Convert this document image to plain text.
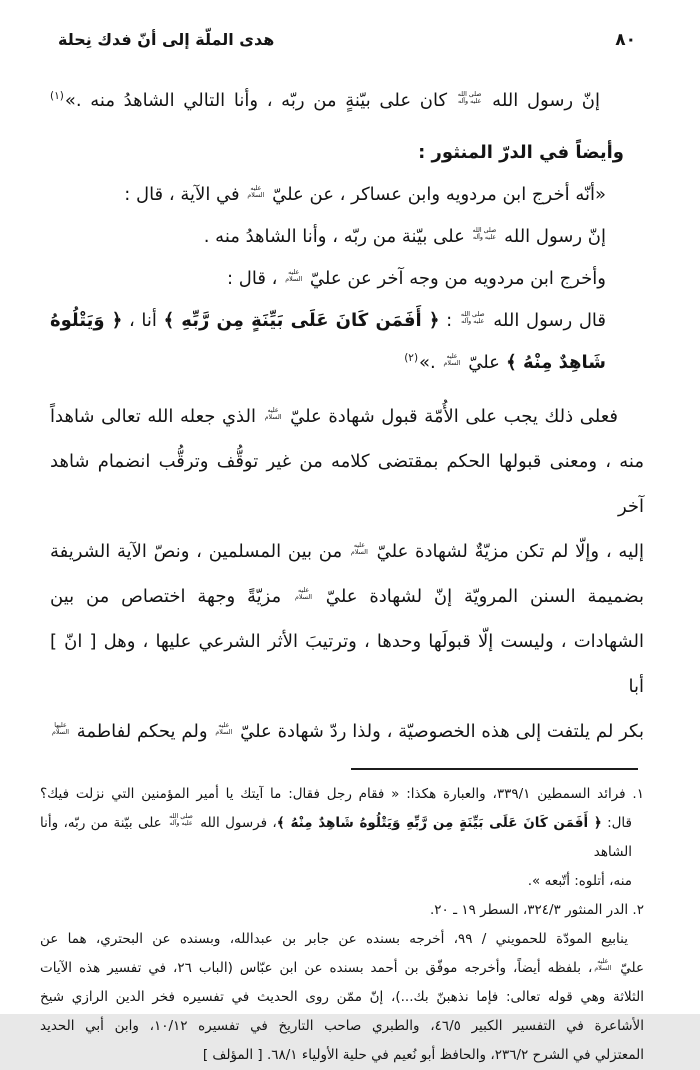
٨٠
هدى الملّة إلى أنّ فدك نِحلة
إنّ رسول الله
صلى الله
عليه وآله
كان على بيّنةٍ من ربّه ، وأنا التالي الشاهدُ منه .»$^{(١)}$
وأيضاً في الدرّ المنثور :
«أنّه أخرج ابن مردويه وابن عساكر ، عن عليّ
عليه
السلام
في الآية ، قال :
إنّ رسول الله
صلى الله
عليه وآله
على بيّنة من ربّه ، وأنا الشاهدُ منه .
وأخرج ابن مردويه من وجه آخر عن عليّ
عليه
السلام
، قال :
قال رسول الله
صلى الله
عليه وآله
: ﴿ أَفَمَن كَانَ عَلَى بَيِّنَةٍ مِن رَّبِّهِ ﴾ أنا ، ﴿ وَيَتْلُوهُ
شَاهِدٌ مِنْهُ ﴾ عليّ
عليه
السلام
.»$^{(٢)}$
فعلى ذلك يجب على الأُمّة قبول شهادة عليّ
عليه
السلام
الذي جعله الله تعالى شاهداً
منه ، ومعنى قبولها الحكم بمقتضى كلامه من غير توقُّف وترقُّب انضمام شاهد آخر
إليه ، وإلّا لم تكن مزيّةٌ لشهادة عليّ
عليه
السلام
من بين المسلمين ، ونصّ الآية الشريفة
بضميمة السنن المرويّة إنّ لشهادة عليّ
عليه
السلام
مزيّةً وجهة اختصاص من بين
الشهادات ، وليست إلّا قبولَها وحدها ، وترتيبَ الأثر الشرعي عليها ، وهل [ انّ ] أبا
بكر لم يلتفت إلى هذه الخصوصيّة ، ولذا ردّ شهادة عليّ
عليه
السلام
ولم يحكم لفاطمة
عليها
السلام
١. فرائد السمطين ٣٣٩/١، والعبارة هكذا: « فقام رجل فقال: ما آيتك يا أمير المؤمنين التي نزلت فيك؟
قال: ﴿ أَفَمَن كَانَ عَلَى بَيِّنَةٍ مِن رَّبِّهِ وَيَتْلُوهُ شَاهِدٌ مِنْهُ ﴾، فرسول الله
صلى الله
عليه وآله
على بيّنة من ربّه، وأنا الشاهد
منه، أتلوه: أتّبعه ».
٢. الدر المنثور ٣٢٤/٣، السطر ١٩ ـ ٢٠.
ينابيع المودّة للحمويني / ٩٩، أخرجه بسنده عن جابر بن عبدالله، وبسنده عن البحتري، هما عن
عليّ
عليه
السلام
، بلفظه أيضاً، وأخرجه موفّق بن أحمد بسنده عن ابن عبّاس (الباب ٢٦، في تفسير هذه الآيات
الثلاثة وهي قوله تعالى: فإما نذهبنّ بك...)، إنّ ممّن روى الحديث في تفسيره فخر الدين الرازي شيخ
الأشاعرة في التفسير الكبير ٤٦/٥، والطبري صاحب التاريخ في تفسيره ١٠/١٢، وابن أبي الحديد
المعتزلي في الشرح ٢٣٦/٢، والحافظ أبو نُعيم في حلية الأولياء ٦٨/١. [ المؤلف ]
